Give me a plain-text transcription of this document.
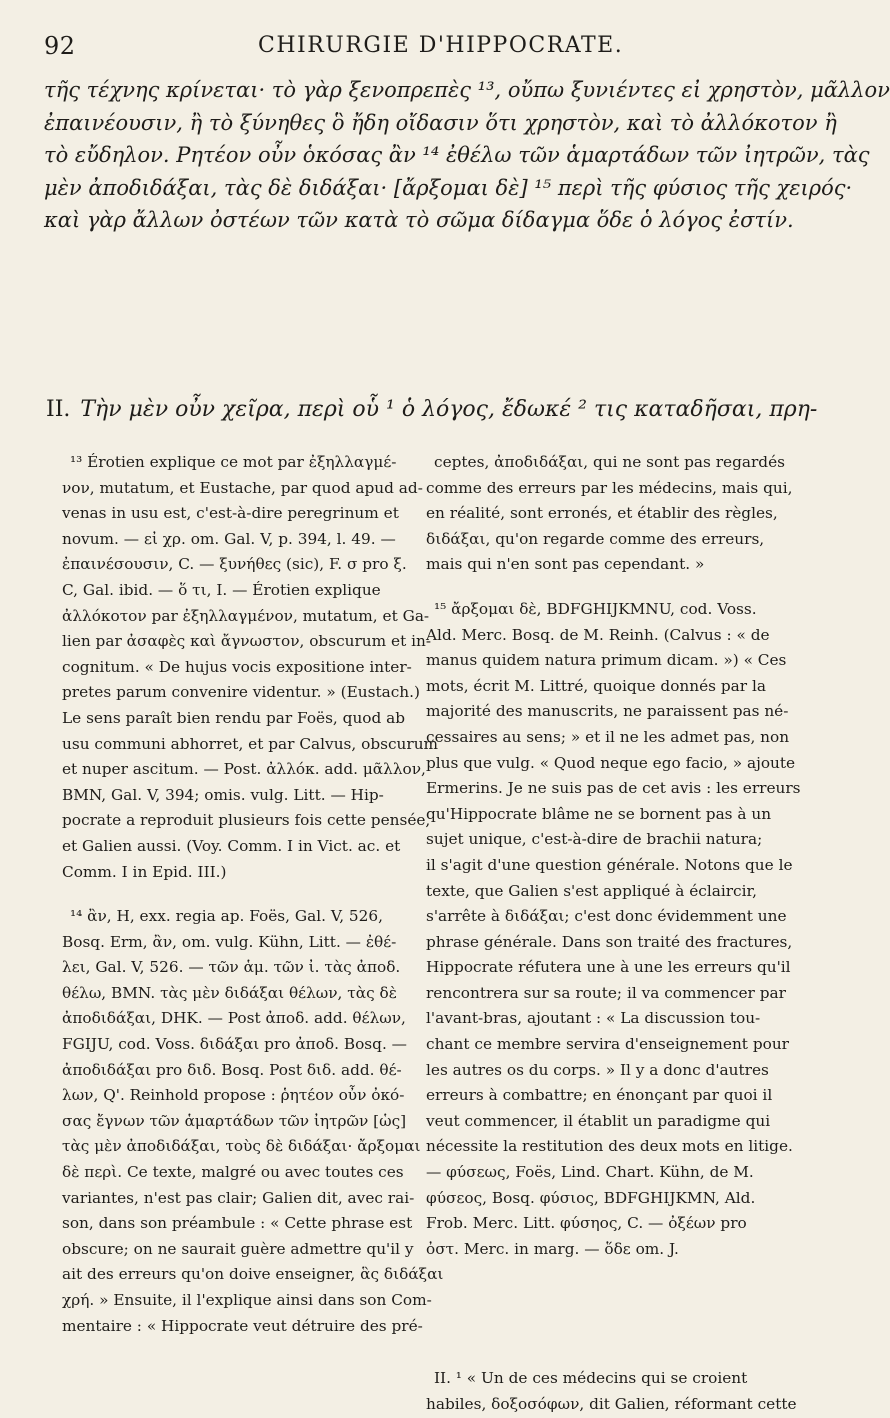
92	CHIRURGIE D'HIPPOCRATE.
τῆς τέχνης κρίνεται· τὸ γὰρ ξενοπρεπὲς ¹³, οὔπω ξυνιέντες εἰ χρηστὸν, μᾶλλον
ἐπαινέουσιν, ἢ τὸ ξύνηθες ὃ ἤδη οἴδασιν ὅτι χρηστὸν, καὶ τὸ ἀλλόκοτον ἢ
τὸ εὔδηλον. Ρητέον οὖν ὁκόσας ἂν ¹⁴ ἐθέλω τῶν ἁμαρτάδων τῶν ἰητρῶν, τὰς
μὲν ἀποδιδάξαι, τὰς δὲ διδάξαι· [ἄρξομαι δὲ] ¹⁵ περὶ τῆς φύσιος τῆς χειρός·
καὶ γὰρ ἄλλων ὀστέων τῶν κατὰ τὸ σῶμα δίδαγμα ὅδε ὁ λόγος ἐστίν.
II. Τὴν μὲν οὖν χεῖρα, περὶ οὗ ¹ ὁ λόγος, ἔδωκέ ² τις καταδῆσαι, πρη-
¹³ Érotien explique ce mot par ἐξηλλαγμέ-
νον, mutatum, et Eustache, par quod apud ad-
venas in usu est, c'est-à-dire peregrinum et
novum. — εἰ χρ. om. Gal. V, p. 394, l. 49. —
ἐπαινέσουσιν, C. — ξυνήθες (sic), F. σ pro ξ.
C, Gal. ibid. — ὅ τι, I. — Érotien explique
ἀλλόκοτον par ἐξηλλαγμένον, mutatum, et Ga-
lien par ἀσαφὲς καὶ ἄγνωστον, obscurum et in-
cognitum. « De hujus vocis expositione inter-
pretes parum convenire videntur. » (Eustach.)
Le sens paraît bien rendu par Foës, quod ab
usu communi abhorret, et par Calvus, obscurum
et nuper ascitum. — Post. ἀλλόκ. add. μᾶλλον,
BMN, Gal. V, 394; omis. vulg. Litt. — Hip-
pocrate a reproduit plusieurs fois cette pensée,
et Galien aussi. (Voy. Comm. I in Vict. ac. et
Comm. I in Epid. III.)
¹⁴ ἂν, H, exx. regia ap. Foës, Gal. V, 526,
Bosq. Erm, ἂν, om. vulg. Kühn, Litt. — ἐθέ-
λει, Gal. V, 526. — τῶν ἁμ. τῶν ἰ. τὰς ἀποδ.
θέλω, BMN. τὰς μὲν διδάξαι θέλων, τὰς δὲ
ἀποδιδάξαι, DHK. — Post ἀποδ. add. θέλων,
FGIJU, cod. Voss. διδάξαι pro ἀποδ. Bosq. —
ἀποδιδάξαι pro διδ. Bosq. Post διδ. add. θέ-
λων, Q'. Reinhold propose : ῥητέον οὖν ὀκό-
σας ἔγνων τῶν ἁμαρτάδων τῶν ἰητρῶν [ὡς]
τὰς μὲν ἀποδιδάξαι, τοὺς δὲ διδάξαι· ἄρξομαι
δὲ περὶ. Ce texte, malgré ou avec toutes ces
variantes, n'est pas clair; Galien dit, avec rai-
son, dans son préambule : « Cette phrase est
obscure; on ne saurait guère admettre qu'il y
ait des erreurs qu'on doive enseigner, ἃς διδάξαι
χρή. » Ensuite, il l'explique ainsi dans son Com-
mentaire : « Hippocrate veut détruire des pré-
ceptes, ἀποδιδάξαι, qui ne sont pas regardés
comme des erreurs par les médecins, mais qui,
en réalité, sont erronés, et établir des règles,
διδάξαι, qu'on regarde comme des erreurs,
mais qui n'en sont pas cependant. »
¹⁵ ἄρξομαι δὲ, BDFGHIJKMNU, cod. Voss.
Ald. Merc. Bosq. de M. Reinh. (Calvus : « de
manus quidem natura primum dicam. ») « Ces
mots, écrit M. Littré, quoique donnés par la
majorité des manuscrits, ne paraissent pas né-
cessaires au sens; » et il ne les admet pas, non
plus que vulg. « Quod neque ego facio, » ajoute
Ermerins. Je ne suis pas de cet avis : les erreurs
qu'Hippocrate blâme ne se bornent pas à un
sujet unique, c'est-à-dire de brachii natura;
il s'agit d'une question générale. Notons que le
texte, que Galien s'est appliqué à éclaircir,
s'arrête à διδάξαι; c'est donc évidemment une
phrase générale. Dans son traité des fractures,
Hippocrate réfutera une à une les erreurs qu'il
rencontrera sur sa route; il va commencer par
l'avant-bras, ajoutant : « La discussion tou-
chant ce membre servira d'enseignement pour
les autres os du corps. » Il y a donc d'autres
erreurs à combattre; en énonçant par quoi il
veut commencer, il établit un paradigme qui
nécessite la restitution des deux mots en litige.
— φύσεως, Foës, Lind. Chart. Kühn, de M.
φύσεος, Bosq. φύσιος, BDFGHIJKMN, Ald.
Frob. Merc. Litt. φύσηος, C. — ὀξέων pro
ὀστ. Merc. in marg. — ὅδε om. J.
II. ¹ « Un de ces médecins qui se croient
habiles, δοξοσόφων, dit Galien, réformant cette
